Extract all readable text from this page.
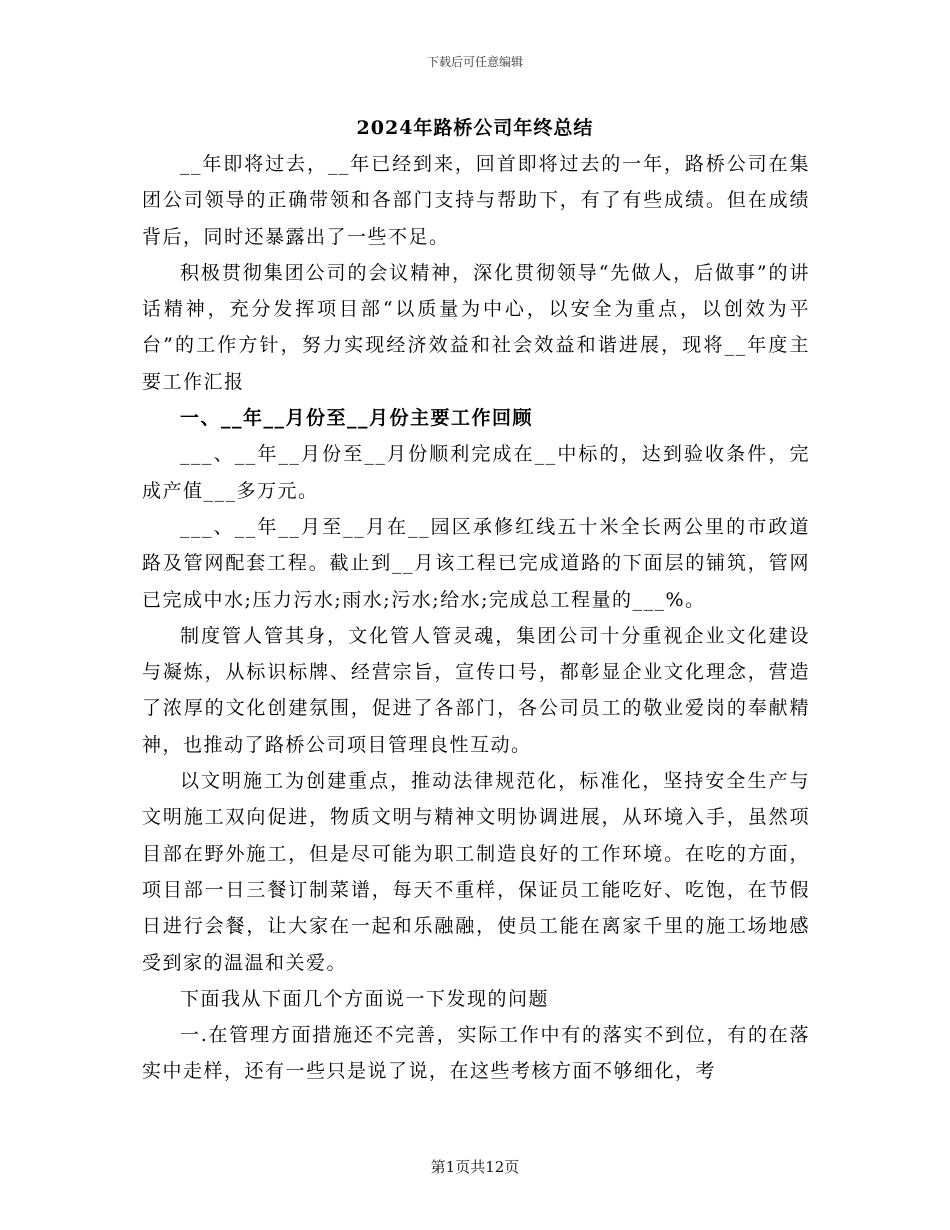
下载后可任意编辑
2024年路桥公司年终总结

__年即将过去，__年已经到来，回首即将过去的一年，路桥公司在集团公司领导的正确带领和各部门支持与帮助下，有了有些成绩。但在成绩背后，同时还暴露出了一些不足。

积极贯彻集团公司的会议精神，深化贯彻领导“先做人，后做事”的讲话精神，充分发挥项目部“以质量为中心，以安全为重点，以创效为平台”的工作方针，努力实现经济效益和社会效益和谐进展，现将__年度主要工作汇报

一、__年__月份至__月份主要工作回顾

___、__年__月份至__月份顺利完成在__中标的，达到验收条件，完成产值___多万元。

___、__年__月至__月在__园区承修红线五十米全长两公里的市政道路及管网配套工程。截止到__月该工程已完成道路的下面层的铺筑，管网已完成中水;压力污水;雨水;污水;给水;完成总工程量的___%。

制度管人管其身，文化管人管灵魂，集团公司十分重视企业文化建设与凝炼，从标识标牌、经营宗旨，宣传口号，都彰显企业文化理念，营造了浓厚的文化创建氛围，促进了各部门，各公司员工的敬业爱岗的奉献精神，也推动了路桥公司项目管理良性互动。

以文明施工为创建重点，推动法律规范化，标准化，坚持安全生产与文明施工双向促进，物质文明与精神文明协调进展，从环境入手，虽然项目部在野外施工，但是尽可能为职工制造良好的工作环境。在吃的方面，项目部一日三餐订制菜谱，每天不重样，保证员工能吃好、吃饱，在节假日进行会餐，让大家在一起和乐融融，使员工能在离家千里的施工场地感受到家的温温和关爱。

下面我从下面几个方面说一下发现的问题

一.在管理方面措施还不完善，实际工作中有的落实不到位，有的在落实中走样，还有一些只是说了说，在这些考核方面不够细化，考

第1页共12页
